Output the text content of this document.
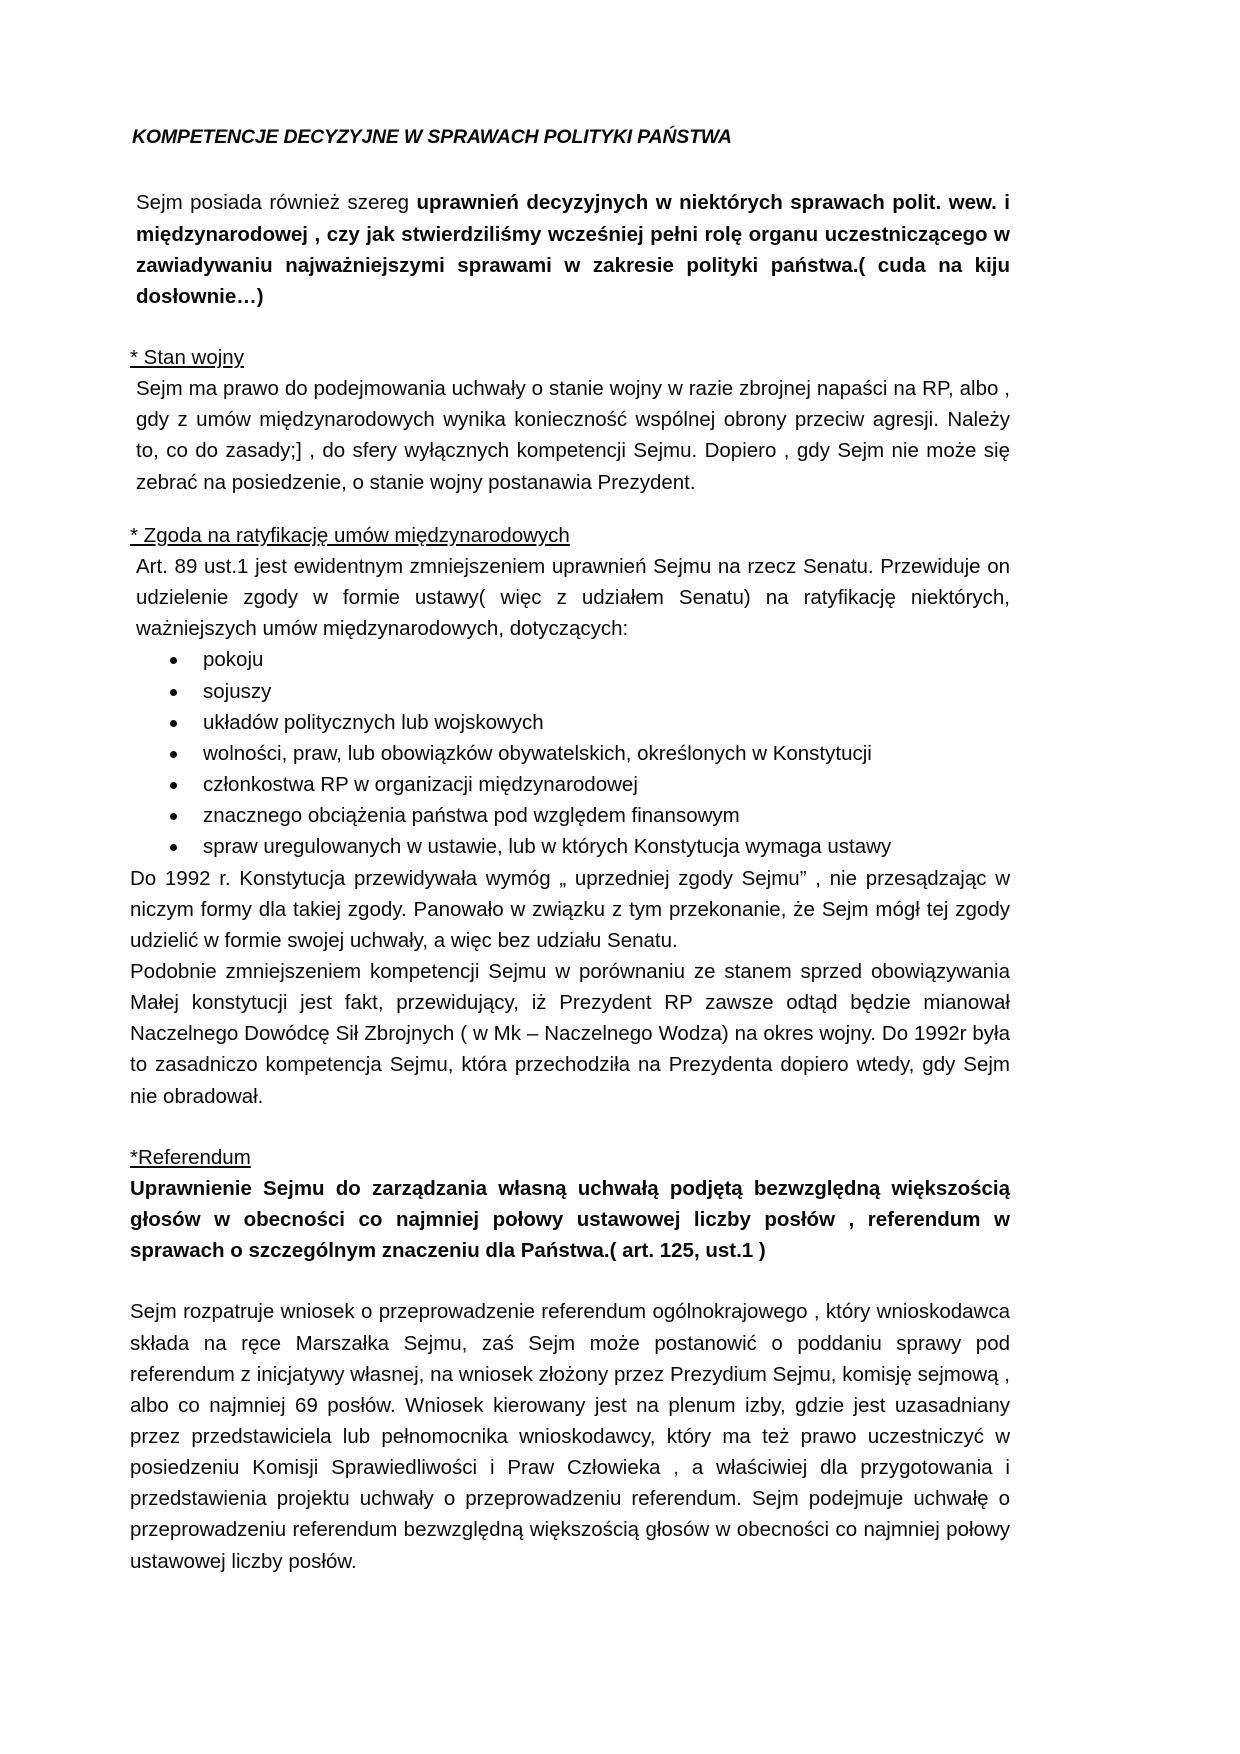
KOMPETENCJE DECYZYJNE W SPRAWACH POLITYKI PAŃSTWA

Sejm posiada również szereg uprawnień decyzyjnych w niektórych sprawach polit. wew. i międzynarodowej , czy jak stwierdziliśmy wcześniej pełni rolę organu uczestniczącego w zawiadywaniu najważniejszymi sprawami w zakresie polityki państwa.( cuda na kiju dosłownie…)

* Stan wojny

Sejm ma prawo do podejmowania uchwały o stanie wojny w razie zbrojnej napaści na RP, albo , gdy z umów międzynarodowych wynika konieczność wspólnej obrony przeciw agresji. Należy to, co do zasady;] , do sfery wyłącznych kompetencji Sejmu. Dopiero , gdy Sejm nie może się zebrać na posiedzenie, o stanie wojny postanawia Prezydent.

* Zgoda na ratyfikację umów międzynarodowych

Art. 89 ust.1 jest ewidentnym zmniejszeniem uprawnień Sejmu na rzecz Senatu. Przewiduje on udzielenie zgody w formie ustawy( więc z udziałem Senatu) na ratyfikację niektórych, ważniejszych umów międzynarodowych, dotyczących:

pokoju
sojuszy
układów politycznych lub wojskowych
wolności, praw, lub obowiązków obywatelskich, określonych w Konstytucji
członkostwa RP w organizacji międzynarodowej
znacznego obciążenia państwa pod względem finansowym
spraw uregulowanych w ustawie, lub w których Konstytucja wymaga ustawy

Do 1992 r. Konstytucja przewidywała wymóg „ uprzedniej zgody Sejmu” , nie przesądzając w niczym formy dla takiej zgody. Panowało w związku z tym przekonanie, że Sejm mógł tej zgody udzielić w formie swojej uchwały, a więc bez udziału Senatu.

Podobnie zmniejszeniem kompetencji Sejmu w porównaniu ze stanem sprzed obowiązywania Małej konstytucji jest fakt, przewidujący, iż Prezydent RP zawsze odtąd będzie mianował Naczelnego Dowódcę Sił Zbrojnych ( w Mk – Naczelnego Wodza) na okres wojny. Do 1992r była to zasadniczo kompetencja Sejmu, która przechodziła na Prezydenta dopiero wtedy, gdy Sejm nie obradował.

*Referendum

Uprawnienie Sejmu do zarządzania własną uchwałą podjętą bezwzględną większością głosów w obecności co najmniej połowy ustawowej liczby posłów , referendum w sprawach o szczególnym znaczeniu dla Państwa.( art. 125, ust.1 )

Sejm rozpatruje wniosek o przeprowadzenie referendum ogólnokrajowego , który wnioskodawca składa na ręce Marszałka Sejmu, zaś Sejm może postanowić o poddaniu sprawy pod referendum z inicjatywy własnej, na wniosek złożony przez Prezydium Sejmu, komisję sejmową , albo co najmniej 69 posłów. Wniosek kierowany jest na plenum izby, gdzie jest uzasadniany przez przedstawiciela lub pełnomocnika wnioskodawcy, który ma też prawo uczestniczyć w posiedzeniu Komisji Sprawiedliwości i Praw Człowieka , a właściwiej dla przygotowania i przedstawienia projektu uchwały o przeprowadzeniu referendum. Sejm podejmuje uchwałę o przeprowadzeniu referendum bezwzględną większością głosów w obecności co najmniej połowy ustawowej liczby posłów.
